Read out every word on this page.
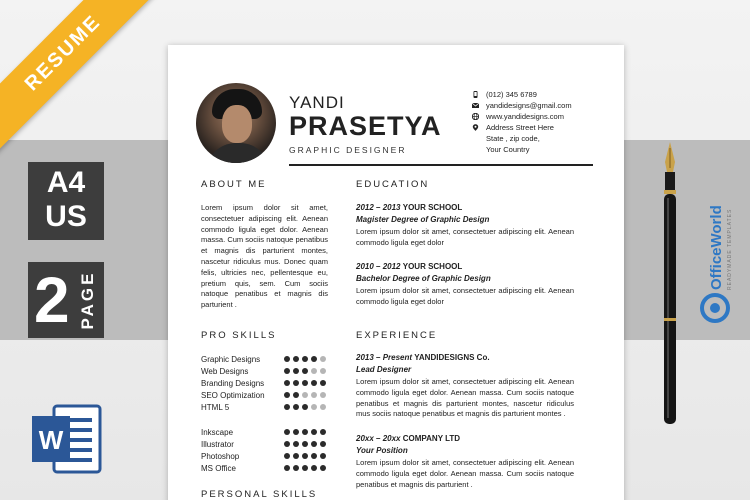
RESUME
A4
US
2 PAGE
W
OfficeWorld READYMADE TEMPLATES
YANDI
PRASETYA
GRAPHIC DESIGNER
(012) 345 6789
yandidesigns@gmail.com
www.yandidesigns.com
Address Street Here
State , zip code,
Your Country
ABOUT ME
Lorem ipsum dolor sit amet, consectetuer adipiscing elit. Aenean commodo ligula eget dolor. Aenean massa. Cum sociis natoque penatibus et magnis dis parturient montes, nascetur ridiculus mus. Donec quam felis, ultricies nec, pellentesque eu, pretium quis, sem. Cum sociis natoque penatibus et magnis dis parturient .
PRO SKILLS
Graphic Designs
Web Designs
Branding Designs
SEO Optimization
HTML 5
Inkscape
Illustrator
Photoshop
MS Office
PERSONAL SKILLS
EDUCATION
2012 – 2013 YOUR SCHOOL
Magister Degree of Graphic Design
Lorem ipsum dolor sit amet, consectetuer adipiscing elit. Aenean commodo ligula eget dolor
2010 – 2012 YOUR SCHOOL
Bachelor Degree of Graphic Design
Lorem ipsum dolor sit amet, consectetuer adipiscing elit. Aenean commodo ligula eget dolor
EXPERIENCE
2013 – Present YANDIDESIGNS Co.
Lead Designer
Lorem ipsum dolor sit amet, consectetuer adipiscing elit. Aenean commodo ligula eget dolor. Aenean massa. Cum sociis natoque penatibus et magnis dis parturient montes, nascetur ridiculus mus sociis natoque penatibus et magnis dis parturient montes .
20xx – 20xx COMPANY LTD
Your Position
Lorem ipsum dolor sit amet, consectetuer adipiscing elit. Aenean commodo ligula eget dolor. Aenean massa. Cum sociis natoque penatibus et magnis dis parturient .
